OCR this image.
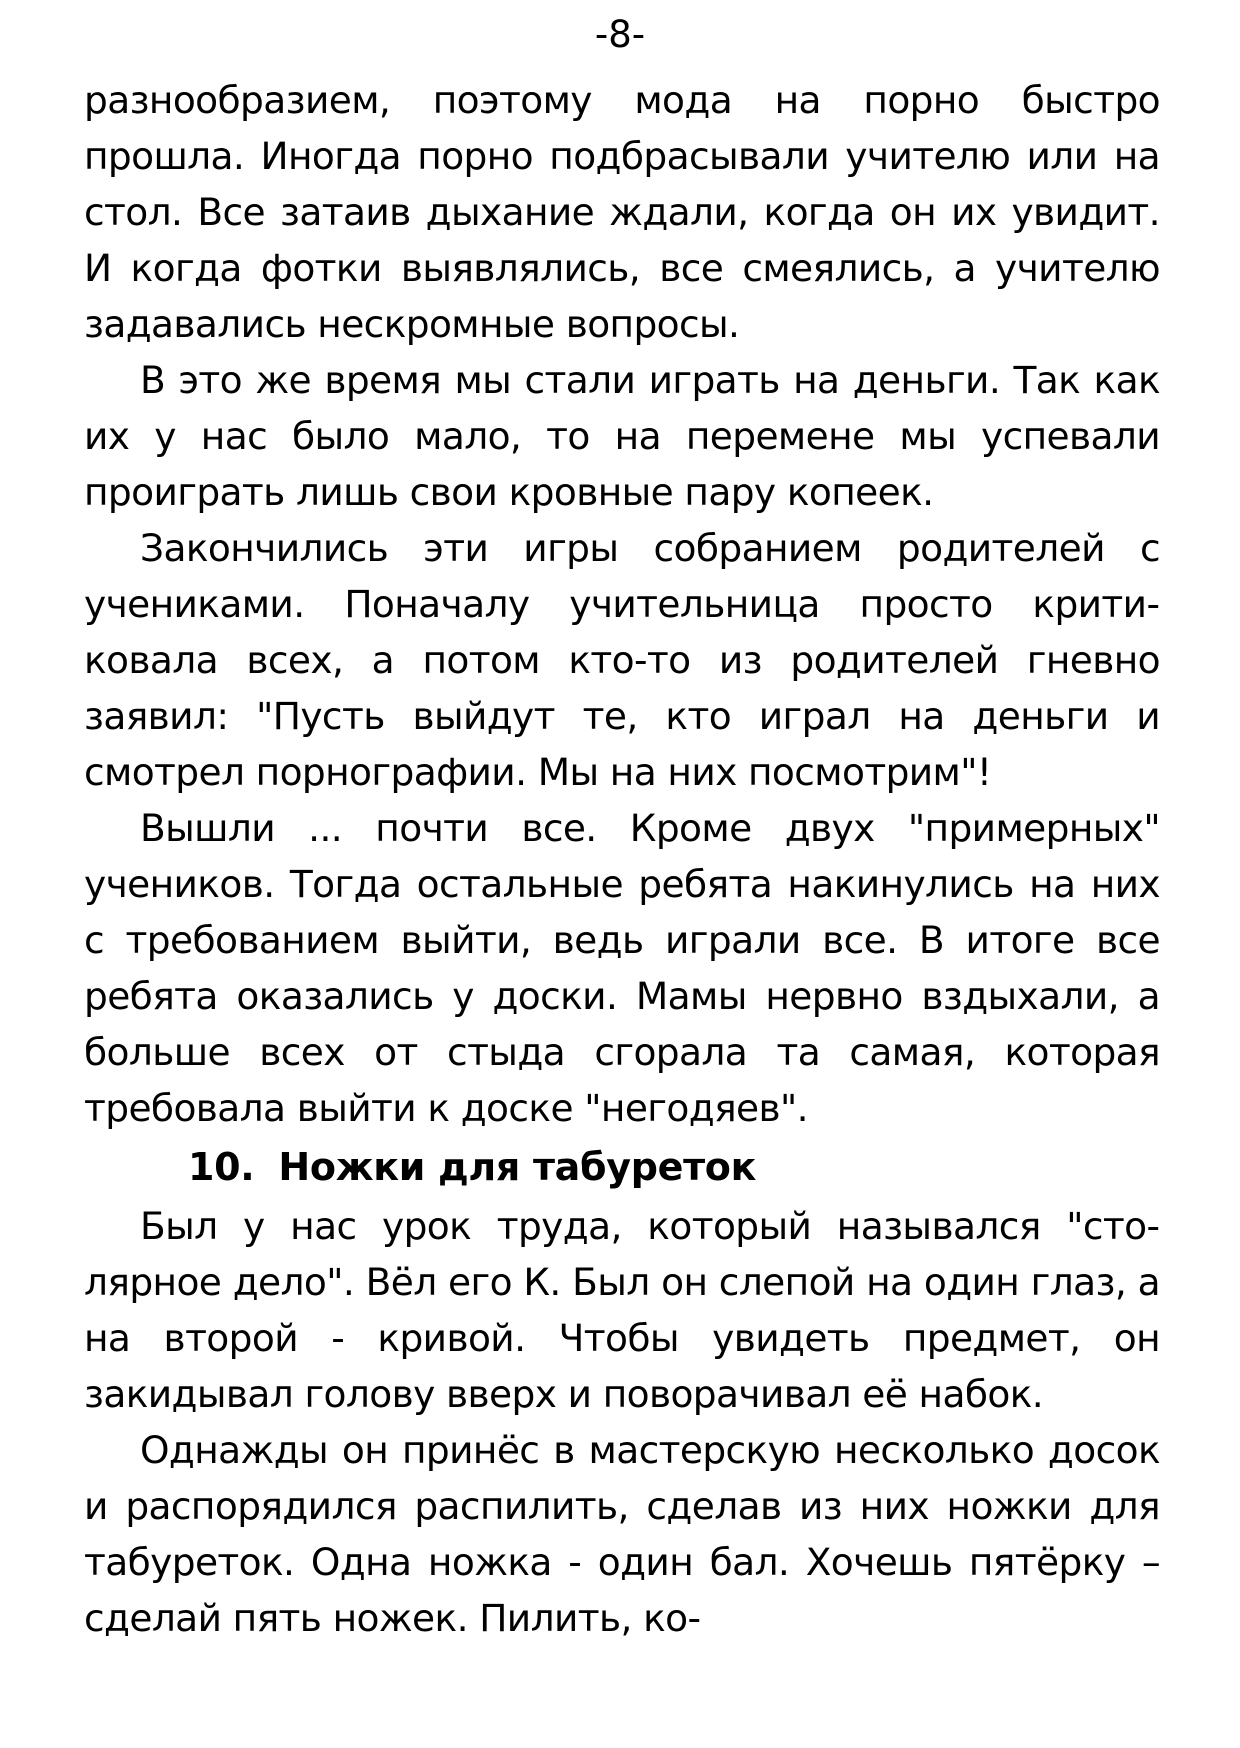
-8-

разнообразием, поэтому мода на порно быстро прошла. Иногда порно подбрасывали учителю или на стол. Все затаив дыхание ждали, когда он их увидит. И когда фотки выявлялись, все смеялись, а учителю задавались нескромные вопросы.

В это же время мы стали играть на деньги. Так как их у нас было мало, то на перемене мы успевали проиграть лишь свои кровные пару копеек.

Закончились эти игры собранием родителей с учениками. Поначалу учительница просто критиковала всех, а потом кто-то из родителей гневно заявил: "Пусть выйдут те, кто играл на деньги и смотрел порнографии. Мы на них посмотрим"!

Вышли ... почти все. Кроме двух "примерных" учеников. Тогда остальные ребята накинулись на них с требованием выйти, ведь играли все. В итоге все ребята оказались у доски. Мамы нервно вздыхали, а больше всех от стыда сгорала та самая, которая требовала выйти к доске "негодяев".

10. Ножки для табуреток

Был у нас урок труда, который назывался "столярное дело". Вёл его К. Был он слепой на один глаз, а на второй - кривой. Чтобы увидеть предмет, он закидывал голову вверх и поворачивал её набок.

Однажды он принёс в мастерскую несколько досок и распорядился распилить, сделав из них ножки для табуреток. Одна ножка - один бал. Хочешь пятёрку – сделай пять ножек. Пилить, ко-
